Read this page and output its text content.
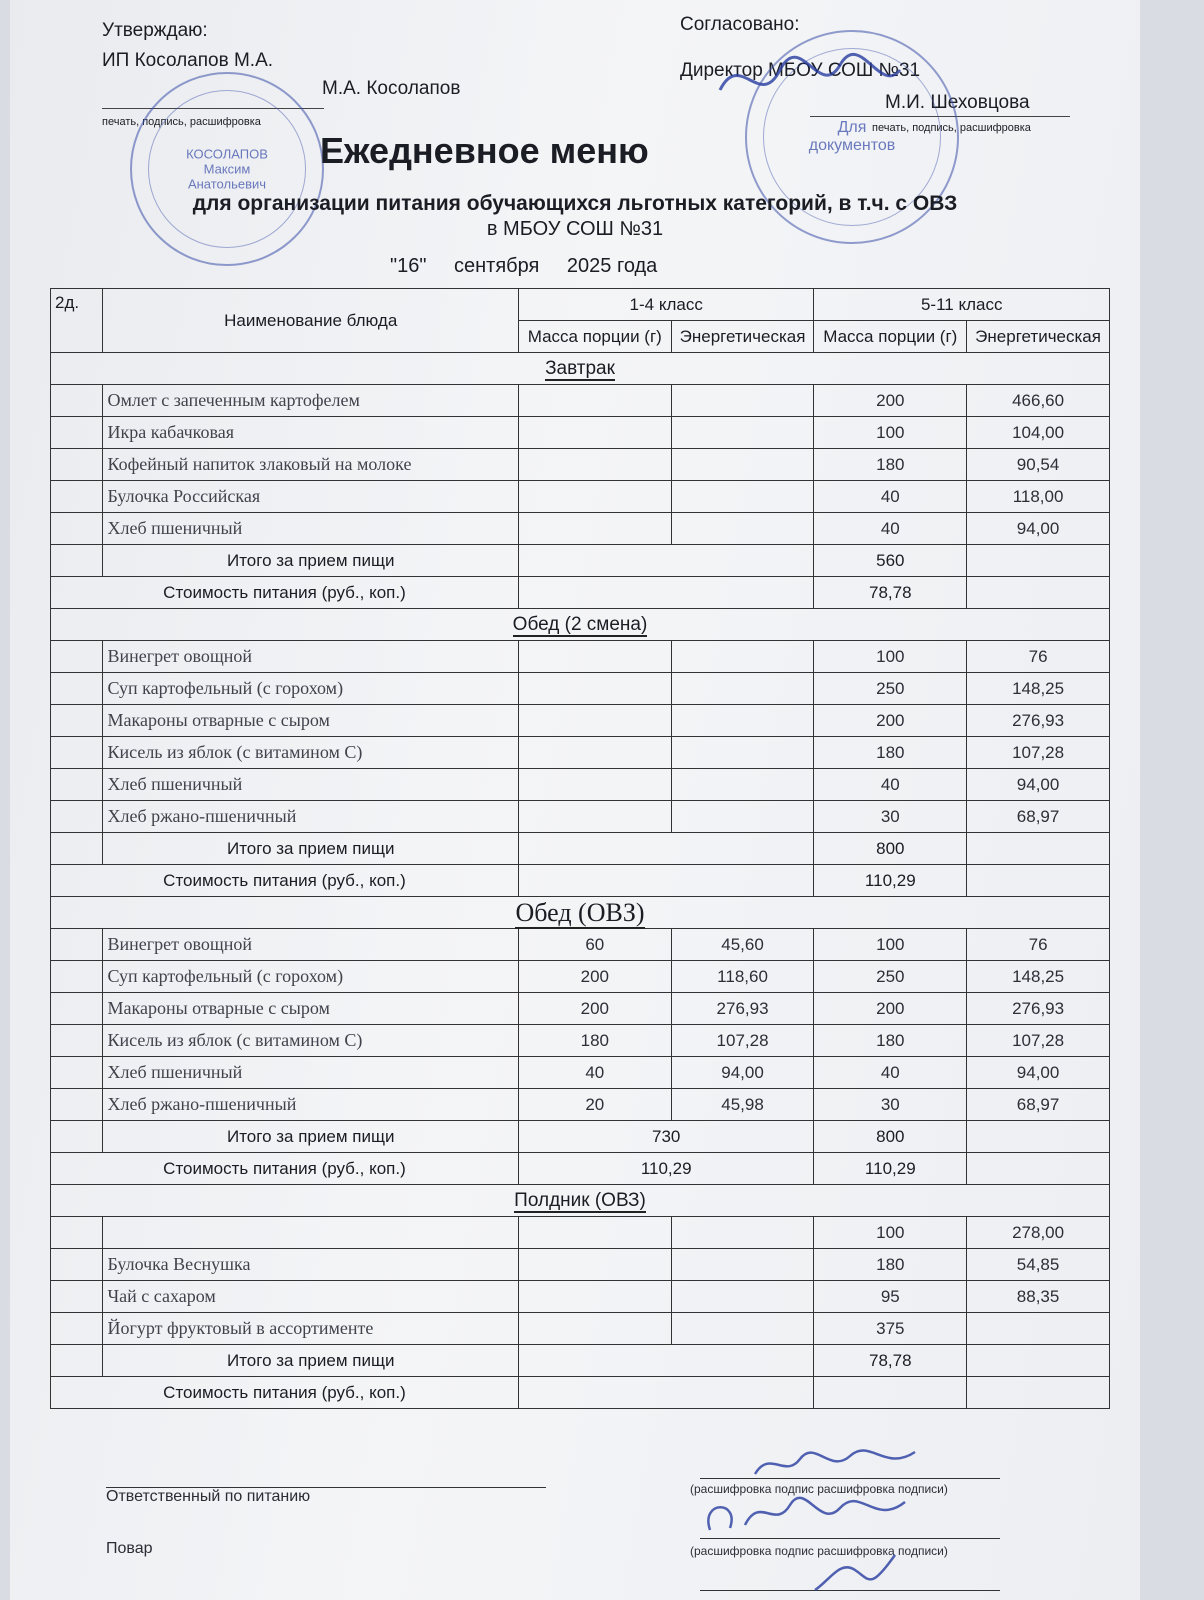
Утверждаю:
ИП Косолапов М.А.
М.А. Косолапов
печать, подпись, расшифровка
КОСОЛАПОВ
Максим
Анатольевич
Согласовано:
Директор МБОУ СОШ №31
М.И. Шеховцова
печать, подпись, расшифровка
Для
документов
Ежедневное меню
для организации питания обучающихся льготных категорий, в т.ч. с ОВЗ
в МБОУ СОШ №31
"16" сентября 2025 года
2д.	Наименование блюда	1-4 класс		5-11 класс	
		Масса порции (г)	Энергетическая	Масса порции (г)	Энергетическая
Завтрак					
	Омлет с запеченным картофелем			200	466,60
	Икра кабачковая			100	104,00
	Кофейный напиток злаковый на молоке			180	90,54
	Булочка Российская			40	118,00
	Хлеб пшеничный			40	94,00
	Итого за прием пищи			560	
Стоимость питания (руб., коп.)				78,78	
Обед (2 смена)					
	Винегрет овощной			100	76
	Суп картофельный (с горохом)			250	148,25
	Макароны отварные с сыром			200	276,93
	Кисель из яблок (с витамином С)			180	107,28
	Хлеб пшеничный			40	94,00
	Хлеб ржано-пшеничный			30	68,97
	Итого за прием пищи			800	
Стоимость питания (руб., коп.)				110,29	
Обед (ОВЗ)					
	Винегрет овощной	60	45,60	100	76
	Суп картофельный (с горохом)	200	118,60	250	148,25
	Макароны отварные с сыром	200	276,93	200	276,93
	Кисель из яблок (с витамином С)	180	107,28	180	107,28
	Хлеб пшеничный	40	94,00	40	94,00
	Хлеб ржано-пшеничный	20	45,98	30	68,97
	Итого за прием пищи	730		800	
Стоимость питания (руб., коп.)		110,29		110,29	
Полдник (ОВЗ)					
				100	278,00
	Булочка Веснушка			180	54,85
	Чай с сахаром			95	88,35
	Йогурт фруктовый в ассортименте			375	
	Итого за прием пищи			78,78	
Стоимость питания (руб., коп.)					
Ответственный по питанию	(расшифровка подпис расшифровка подписи)
Повар	(расшифровка подпис расшифровка подписи)
